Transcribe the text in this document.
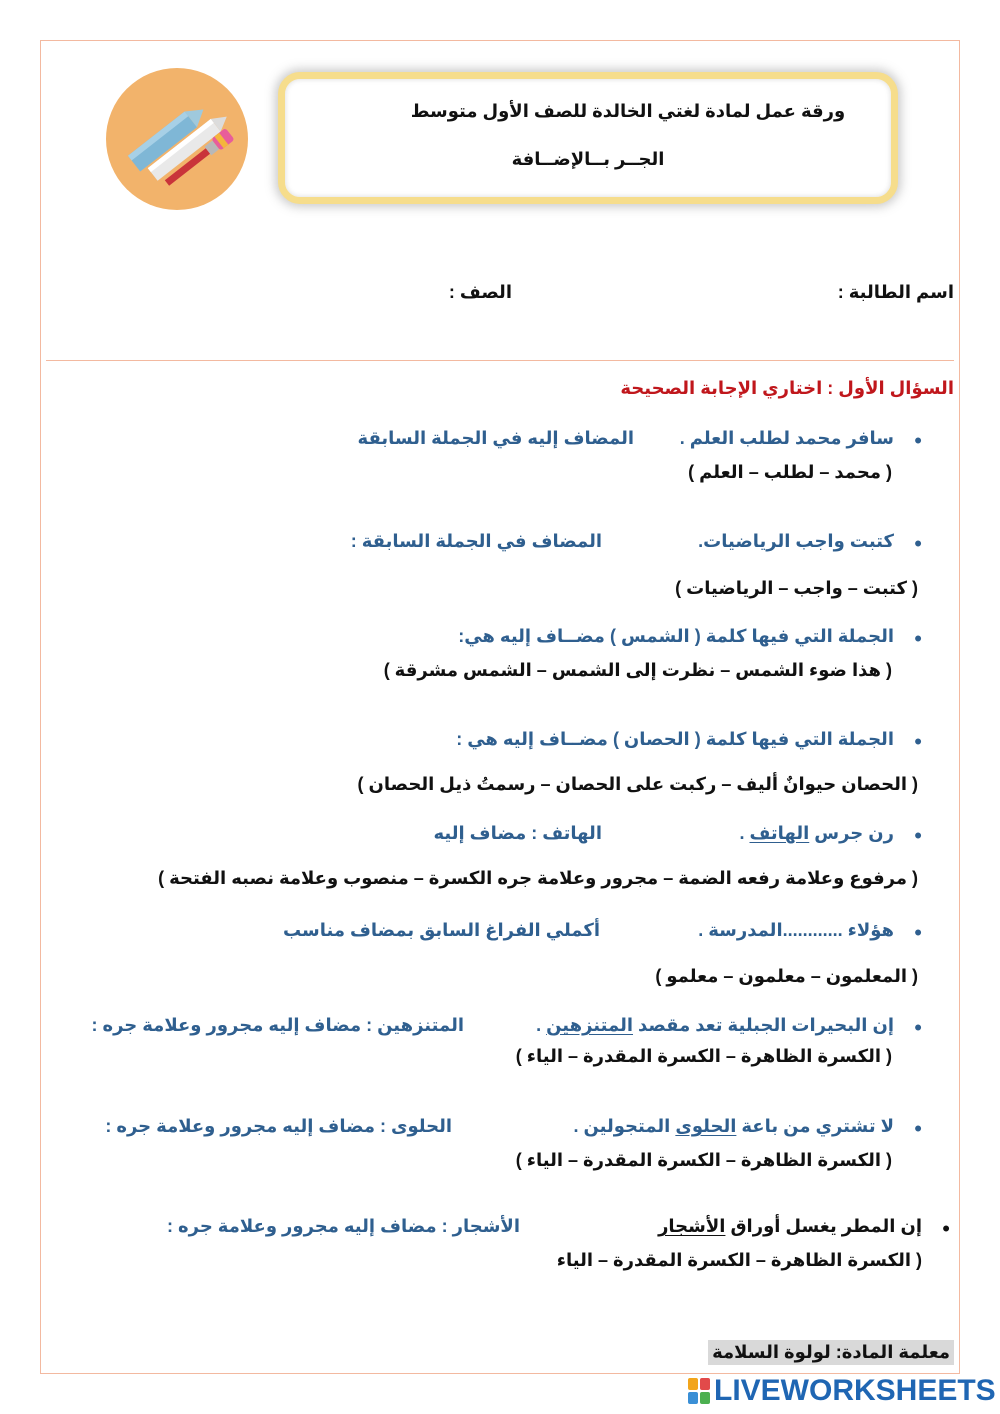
ورقة عمل لمادة لغتي الخالدة للصف الأول متوسط
الجــر بــالإضــافة
اسم الطالبة :
الصف :
السؤال الأول : اختاري الإجابة الصحيحة
•
سافر محمد لطلب العلم .
المضاف إليه في الجملة السابقة
( محمد – لطلب – العلم )
•
كتبت واجب الرياضيات.
المضاف في الجملة السابقة :
( كتبت – واجب – الرياضيات )
•
الجملة التي فيها كلمة ( الشمس ) مضــاف إليه هي:
( هذا ضوء الشمس – نظرت إلى الشمس – الشمس مشرقة )
•
الجملة التي فيها كلمة ( الحصان ) مضــاف إليه هي :
( الحصان حيوانٌ أليف – ركبت على الحصان – رسمتُ ذيل الحصان )
•
رن جرس الهاتف .
الهاتف : مضاف إليه
( مرفوع وعلامة رفعه الضمة – مجرور وعلامة جره الكسرة – منصوب وعلامة نصبه الفتحة )
•
هؤلاء ............المدرسة .
أكملي الفراغ السابق بمضاف مناسب
( المعلمون – معلمون – معلمو )
•
إن البحيرات الجبلية تعد مقصد المتنزهين .
المتنزهين : مضاف إليه مجرور وعلامة جره :
( الكسرة الظاهرة – الكسرة المقدرة – الياء )
•
لا تشتري من باعة الحلوى المتجولين .
الحلوى : مضاف إليه مجرور وعلامة جره :
( الكسرة الظاهرة – الكسرة المقدرة – الياء )
•
إن المطر يغسل أوراق الأشجار
الأشجار : مضاف إليه مجرور وعلامة جره :
( الكسرة الظاهرة – الكسرة المقدرة – الياء
معلمة المادة: لولوة السلامة
LIVEWORKSHEETS
